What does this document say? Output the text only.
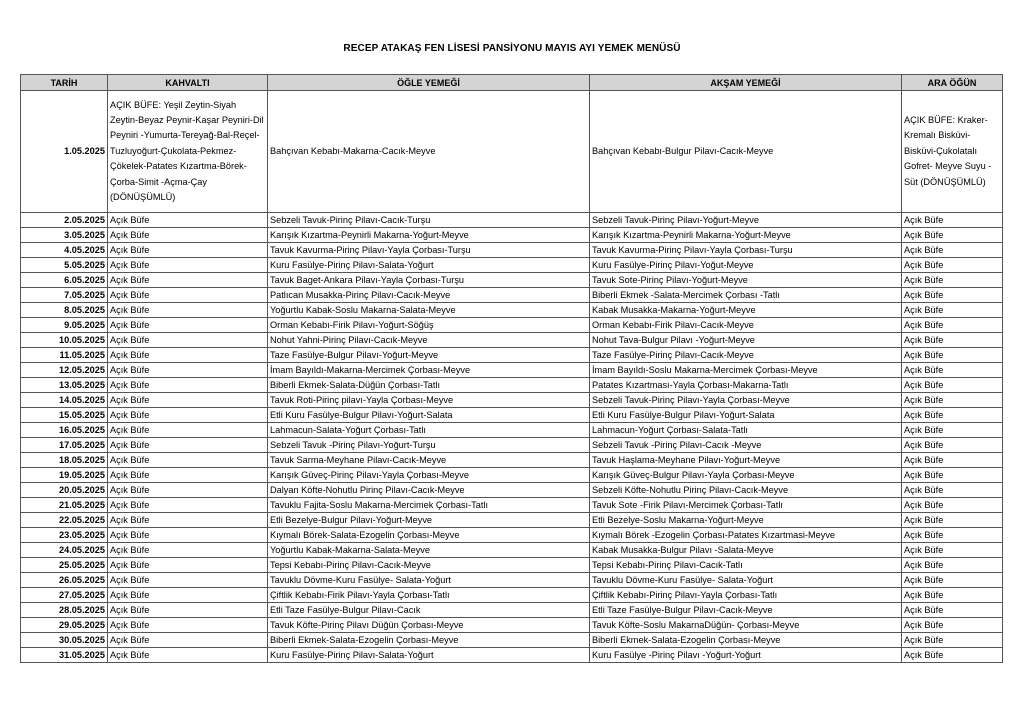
RECEP ATAKAŞ FEN LİSESİ PANSİYONU MAYIS AYI YEMEK MENÜSÜ
TARİH	KAHVALTI	ÖĞLE YEMEĞİ	AKŞAM YEMEĞİ	ARA ÖĞÜN
1.05.2025	AÇIK BÜFE: Yeşil Zeytin-Siyah Zeytin-Beyaz Peynir-Kaşar Peyniri-Dil Peyniri -Yumurta-Tereyağ-Bal-Reçel-Tuzluyoğurt-Çukolata-Pekmez-Çökelek-Patates Kızartma-Börek-Çorba-Simit -Açma-Çay (DÖNÜŞÜMLÜ)	Bahçıvan Kebabı-Makarna-Cacık-Meyve	Bahçıvan Kebabı-Bulgur Pilavı-Cacık-Meyve	AÇIK BÜFE: Kraker-Kremalı Bisküvi-Bisküvi-Çukolatalı Gofret- Meyve Suyu -Süt (DÖNÜŞÜMLÜ)
2.05.2025	Açık Büfe	Sebzeli Tavuk-Pirinç Pilavı-Cacık-Turşu	Sebzeli Tavuk-Pirinç Pilavı-Yoğurt-Meyve	Açık Büfe
3.05.2025	Açık Büfe	Karışık Kızartma-Peynirli Makarna-Yoğurt-Meyve	Karışık Kızartma-Peynirli Makarna-Yoğurt-Meyve	Açık Büfe
4.05.2025	Açık Büfe	Tavuk Kavurma-Pirinç Pilavı-Yayla Çorbası-Turşu	Tavuk Kavurma-Pirinç Pilavı-Yayla Çorbası-Turşu	Açık Büfe
5.05.2025	Açık Büfe	Kuru Fasülye-Pirinç Pilavı-Salata-Yoğurt	Kuru Fasülye-Pirinç Pilavı-Yoğut-Meyve	Açık Büfe
6.05.2025	Açık Büfe	Tavuk Baget-Ankara Pilavı-Yayla Çorbası-Turşu	Tavuk Sote-Pirinç Pilavı-Yoğurt-Meyve	Açık Büfe
7.05.2025	Açık Büfe	Patlıcan Musakka-Pirinç Pilavı-Cacık-Meyve	Biberli Ekmek -Salata-Mercimek Çorbası -Tatlı	Açık Büfe
8.05.2025	Açık Büfe	Yoğurtlu Kabak-Soslu Makarna-Salata-Meyve	Kabak Musakka-Makarna-Yoğurt-Meyve	Açık Büfe
9.05.2025	Açık Büfe	Orman Kebabı-Firik Pilavı-Yoğurt-Söğüş	Orman Kebabı-Firik Pilavı-Cacık-Meyve	Açık Büfe
10.05.2025	Açık Büfe	Nohut Yahni-Pirinç Pilavı-Cacık-Meyve	Nohut Tava-Bulgur Pilavı -Yoğurt-Meyve	Açık Büfe
11.05.2025	Açık Büfe	Taze Fasülye-Bulgur Pilavı-Yoğurt-Meyve	Taze Fasülye-Pirinç Pilavı-Cacık-Meyve	Açık Büfe
12.05.2025	Açık Büfe	İmam Bayıldı-Makarna-Mercimek Çorbası-Meyve	İmam Bayıldı-Soslu Makarna-Mercimek Çorbası-Meyve	Açık Büfe
13.05.2025	Açık Büfe	Biberli Ekmek-Salata-Düğün Çorbası-Tatlı	Patates Kızartması-Yayla Çorbası-Makarna-Tatlı	Açık Büfe
14.05.2025	Açık Büfe	Tavuk Roti-Pirinç pilavı-Yayla Çorbası-Meyve	Sebzeli Tavuk-Pirinç Pilavı-Yayla Çorbası-Meyve	Açık Büfe
15.05.2025	Açık Büfe	Etli Kuru Fasülye-Bulgur Pilavı-Yoğurt-Salata	Etli Kuru Fasülye-Bulgur Pilavı-Yoğurt-Salata	Açık Büfe
16.05.2025	Açık Büfe	Lahmacun-Salata-Yoğurt Çorbası-Tatlı	Lahmacun-Yoğurt Çorbası-Salata-Tatlı	Açık Büfe
17.05.2025	Açık Büfe	Sebzeli Tavuk -Pirinç Pilavı-Yoğurt-Turşu	Sebzeli Tavuk -Pirinç Pilavı-Cacık -Meyve	Açık Büfe
18.05.2025	Açık Büfe	Tavuk Sarma-Meyhane Pilavı-Cacık-Meyve	Tavuk Haşlama-Meyhane Pilavı-Yoğurt-Meyve	Açık Büfe
19.05.2025	Açık Büfe	Karışık Güveç-Pirinç Pilavı-Yayla Çorbası-Meyve	Karışık Güveç-Bulgur Pilavı-Yayla Çorbası-Meyve	Açık Büfe
20.05.2025	Açık Büfe	Dalyan Köfte-Nohutlu Pirinç Pilavı-Cacık-Meyve	Sebzeli Köfte-Nohutlu Pirinç Pilavı-Cacık-Meyve	Açık Büfe
21.05.2025	Açık Büfe	Tavuklu Fajita-Soslu Makarna-Mercimek Çorbası-Tatlı	Tavuk Sote -Firik Pilavı-Mercimek Çorbası-Tatlı	Açık Büfe
22.05.2025	Açık Büfe	Etli Bezelye-Bulgur Pilavı-Yoğurt-Meyve	Etli Bezelye-Soslu Makarna-Yoğurt-Meyve	Açık Büfe
23.05.2025	Açık Büfe	Kıymalı Börek-Salata-Ezogelin Çorbası-Meyve	Kıymalı Börek -Ezogelin Çorbası-Patates Kızartmasi-Meyve	Açık Büfe
24.05.2025	Açık Büfe	Yoğurtlu Kabak-Makarna-Salata-Meyve	Kabak Musakka-Bulgur Pilavı -Salata-Meyve	Açık Büfe
25.05.2025	Açık Büfe	Tepsi Kebabı-Pirinç Pilavı-Cacık-Meyve	Tepsi Kebabı-Pirinç Pilavı-Cacık-Tatlı	Açık Büfe
26.05.2025	Açık Büfe	Tavuklu Dövme-Kuru Fasülye- Salata-Yoğurt	Tavuklu Dövme-Kuru Fasülye- Salata-Yoğurt	Açık Büfe
27.05.2025	Açık Büfe	Çiftlik Kebabı-Firik Pilavı-Yayla Çorbası-Tatlı	Çiftlik Kebabı-Pirinç Pilavı-Yayla Çorbası-Tatlı	Açık Büfe
28.05.2025	Açık Büfe	Etli Taze Fasülye-Bulgur Pilavı-Cacık	Etli Taze Fasülye-Bulgur Pilavı-Cacık-Meyve	Açık Büfe
29.05.2025	Açık Büfe	Tavuk Köfte-Pirinç Pilavı Düğün Çorbası-Meyve	Tavuk Köfte-Soslu MakarnaDüğün- Çorbası-Meyve	Açık Büfe
30.05.2025	Açık Büfe	Biberli Ekmek-Salata-Ezogelin Çorbası-Meyve	Biberli Ekmek-Salata-Ezogelin Çorbası-Meyve	Açık Büfe
31.05.2025	Açık Büfe	Kuru Fasülye-Pirinç Pilavı-Salata-Yoğurt	Kuru Fasülye -Pirinç Pilavı -Yoğurt-Yoğurt	Açık Büfe
